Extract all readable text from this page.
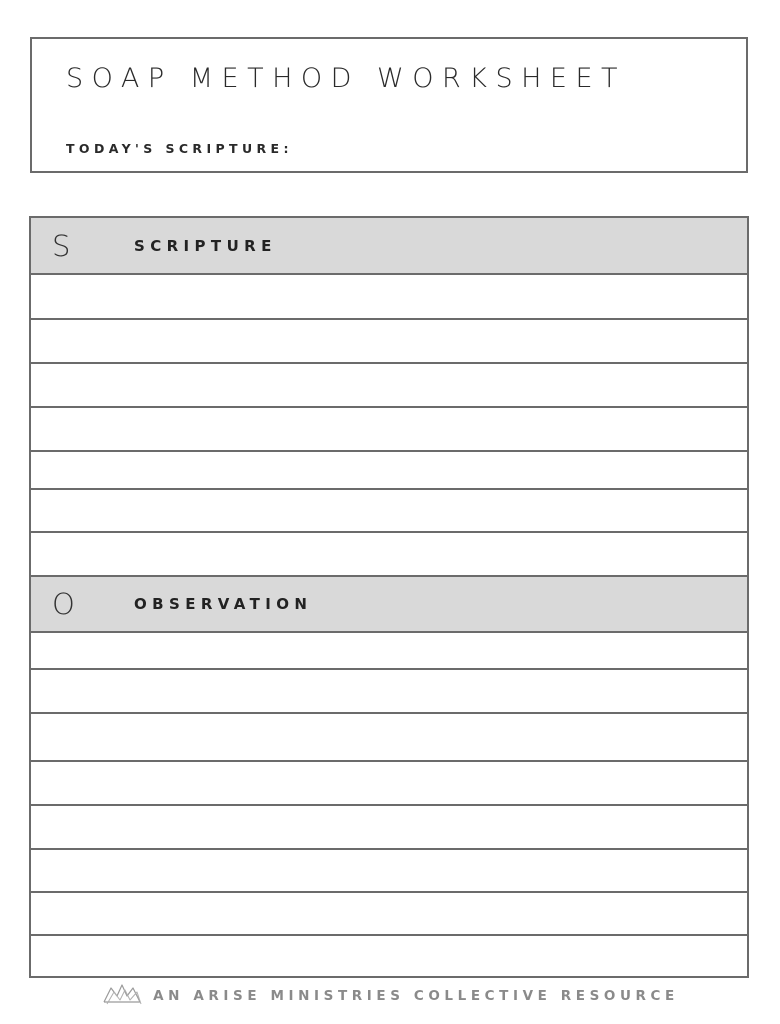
SOAP METHOD WORKSHEET
TODAY'S SCRIPTURE:
S	SCRIPTURE
O	OBSERVATION
AN ARISE MINISTRIES COLLECTIVE RESOURCE
